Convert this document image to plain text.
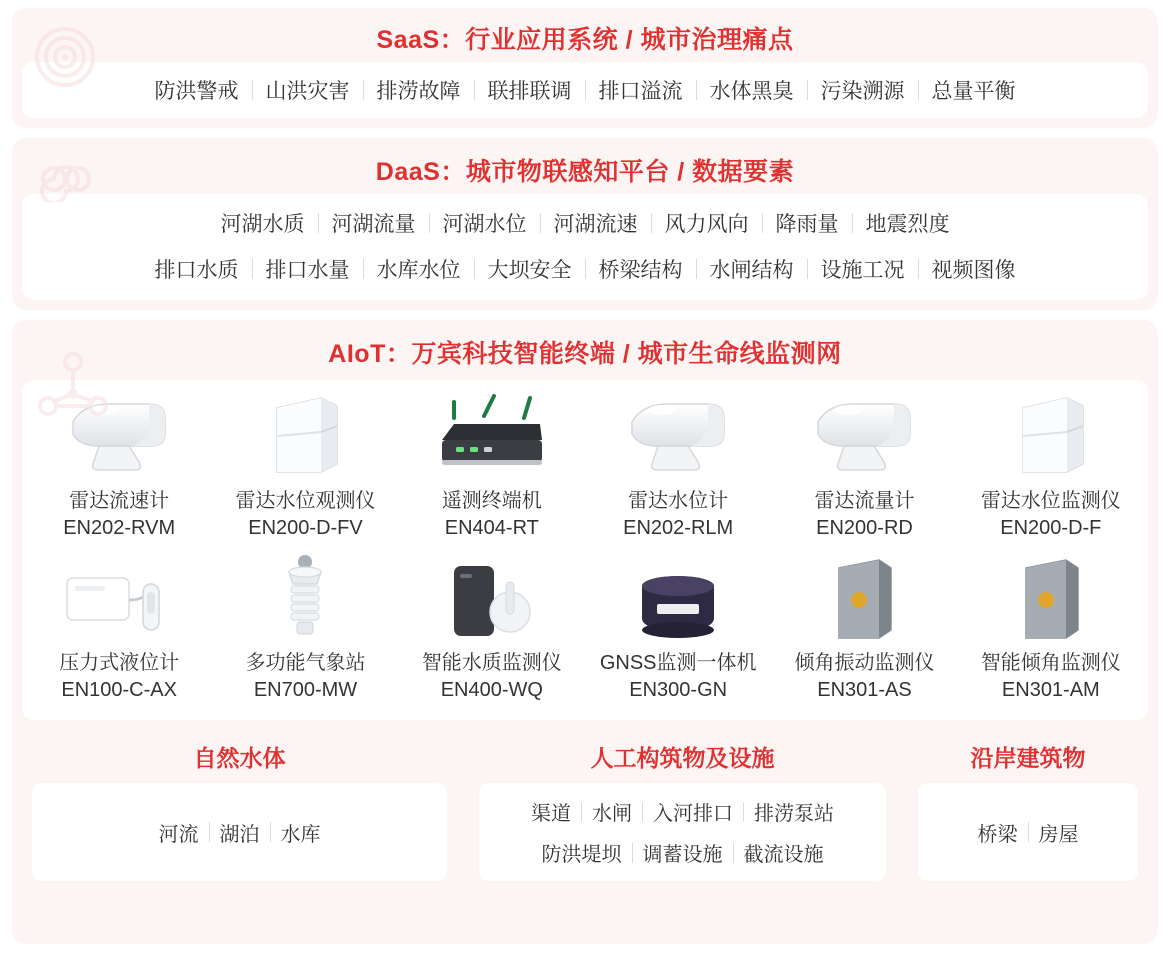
SaaS：行业应用系统 / 城市治理痛点
防洪警戒	山洪灾害	排涝故障	联排联调	排口溢流	水体黑臭	污染溯源	总量平衡
DaaS：城市物联感知平台 / 数据要素
河湖水质	河湖流量	河湖水位	河湖流速	风力风向	降雨量	地震烈度
排口水质	排口水量	水库水位	大坝安全	桥梁结构	水闸结构	设施工况	视频图像
AIoT：万宾科技智能终端 / 城市生命线监测网
雷达流速计
EN202-RVM
雷达水位观测仪
EN200-D-FV
遥测终端机
EN404-RT
雷达水位计
EN202-RLM
雷达流量计
EN200-RD
雷达水位监测仪
EN200-D-F
压力式液位计
EN100-C-AX
多功能气象站
EN700-MW
智能水质监测仪
EN400-WQ
GNSS监测一体机
EN300-GN
倾角振动监测仪
EN301-AS
智能倾角监测仪
EN301-AM
自然水体
河流	湖泊	水库
人工构筑物及设施
渠道	水闸	入河排口	排涝泵站
防洪堤坝	调蓄设施	截流设施
沿岸建筑物
桥梁	房屋
